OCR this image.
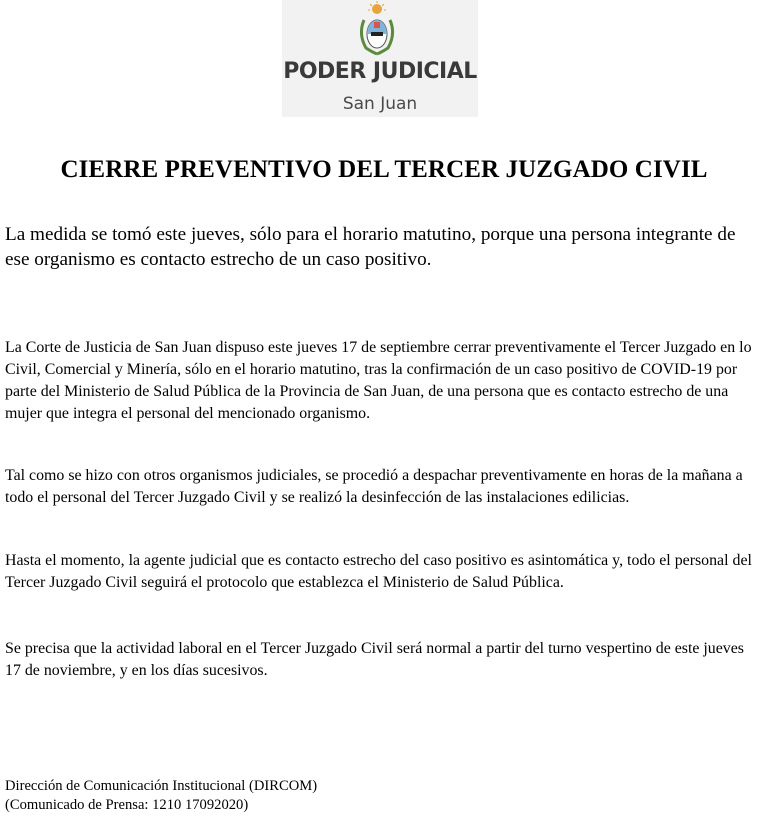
PODER JUDICIAL
San Juan
CIERRE PREVENTIVO DEL TERCER JUZGADO CIVIL
La medida se tomó este jueves, sólo para el horario matutino, porque una persona integrante de ese organismo es contacto estrecho de un caso positivo.

La Corte de Justicia de San Juan dispuso este jueves 17 de septiembre cerrar preventivamente el Tercer Juzgado en lo Civil, Comercial y Minería, sólo en el horario matutino, tras la confirmación de un caso positivo de COVID-19 por parte del Ministerio de Salud Pública de la Provincia de San Juan, de una persona que es contacto estrecho de una mujer que integra el personal del mencionado organismo.

Tal como se hizo con otros organismos judiciales, se procedió a despachar preventivamente en horas de la mañana a todo el personal del Tercer Juzgado Civil y se realizó la desinfección de las instalaciones edilicias.

Hasta el momento, la agente judicial que es contacto estrecho del caso positivo es asintomática y, todo el personal del Tercer Juzgado Civil seguirá el protocolo que establezca el Ministerio de Salud Pública.

Se precisa que la actividad laboral en el Tercer Juzgado Civil será normal a partir del turno vespertino de este jueves 17 de noviembre, y en los días sucesivos.

Dirección de Comunicación Institucional (DIRCOM)
(Comunicado de Prensa: 1210 17092020)
